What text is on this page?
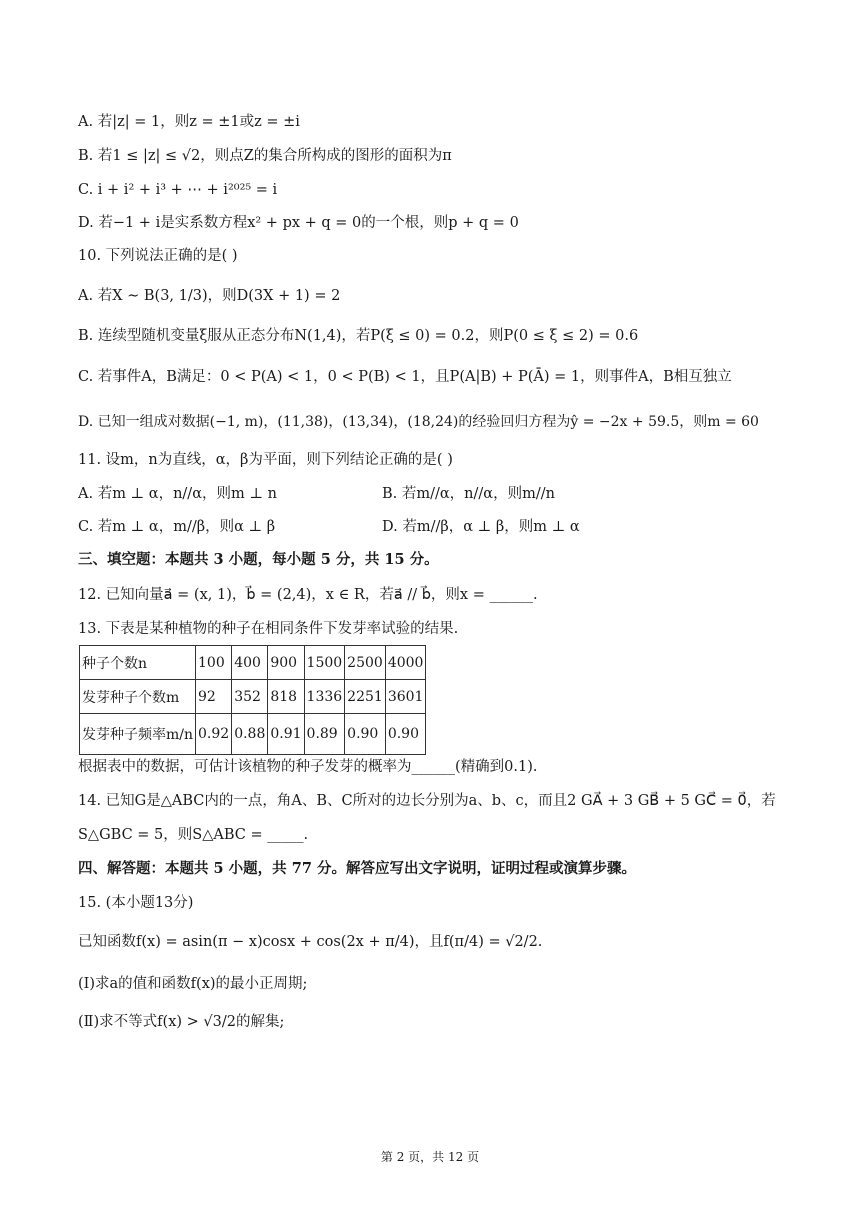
A. 若|z| = 1，则z = ±1或z = ±i
B. 若1 ≤ |z| ≤ √2，则点Z的集合所构成的图形的面积为π
C. i + i² + i³ + ⋯ + i²⁰²⁵ = i
D. 若−1 + i是实系数方程x² + px + q = 0的一个根，则p + q = 0
10. 下列说法正确的是( )
A. 若X ∼ B(3, 1/3)，则D(3X + 1) = 2
B. 连续型随机变量ξ服从正态分布N(1,4)，若P(ξ ≤ 0) = 0.2，则P(0 ≤ ξ ≤ 2) = 0.6
C. 若事件A，B满足：0 < P(A) < 1，0 < P(B) < 1，且P(A|B) + P(Ā) = 1，则事件A，B相互独立
D. 已知一组成对数据(−1, m)，(11,38)，(13,34)，(18,24)的经验回归方程为ŷ = −2x + 59.5，则m = 60
11. 设m，n为直线，α，β为平面，则下列结论正确的是( )
A. 若m ⊥ α，n//α，则m ⊥ n	B. 若m//α，n//α，则m//n
C. 若m ⊥ α，m//β，则α ⊥ β	D. 若m//β，α ⊥ β，则m ⊥ α
三、填空题：本题共 3 小题，每小题 5 分，共 15 分。
12. 已知向量a⃗ = (x, 1)，b⃗ = (2,4)，x ∈ R，若a⃗ // b⃗，则x = ______.
13. 下表是某种植物的种子在相同条件下发芽率试验的结果.
种子个数n	100	400	900	1500	2500	4000
发芽种子个数m	92	352	818	1336	2251	3601
发芽种子频率m/n	0.92	0.88	0.91	0.89	0.90	0.90
根据表中的数据，可估计该植物的种子发芽的概率为______(精确到0.1).
14. 已知G是△ABC内的一点，角A、B、C所对的边长分别为a、b、c，而且2 GA⃗ + 3 GB⃗ + 5 GC⃗ = 0⃗，若
S△GBC = 5，则S△ABC = _____.
四、解答题：本题共 5 小题，共 77 分。解答应写出文字说明，证明过程或演算步骤。
15. (本小题13分)
已知函数f(x) = asin(π − x)cosx + cos(2x + π/4)，且f(π/4) = √2/2.
(Ⅰ)求a的值和函数f(x)的最小正周期;
(Ⅱ)求不等式f(x) > √3/2的解集;
第 2 页，共 12 页
